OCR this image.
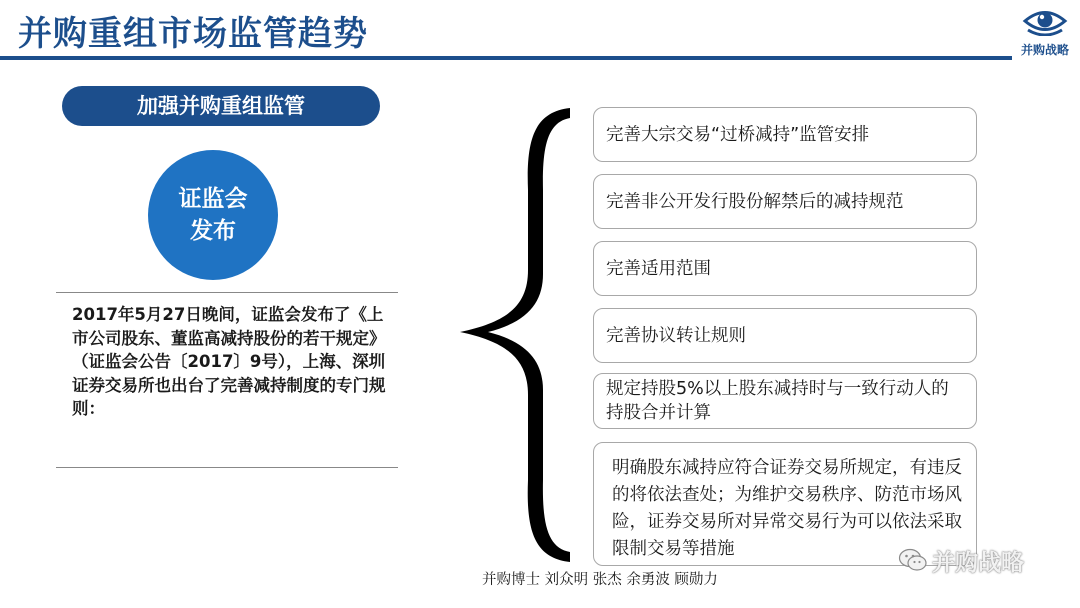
并购重组市场监管趋势	并购战略
加强并购重组监管
证监会
发布
2017年5月27日晚间，证监会发布了《上市公司股东、董监高减持股份的若干规定》（证监会公告〔2017〕9号），上海、深圳证券交易所也出台了完善减持制度的专门规则：
完善大宗交易“过桥减持”监管安排
完善非公开发行股份解禁后的减持规范
完善适用范围
完善协议转让规则
规定持股5%以上股东减持时与一致行动人的持股合并计算
明确股东减持应符合证券交易所规定，有违反的将依法查处；为维护交易秩序、防范市场风险，证券交易所对异常交易行为可以依法采取限制交易等措施
并购博士 刘众明 张杰 余勇波 顾勋力
并购战略
